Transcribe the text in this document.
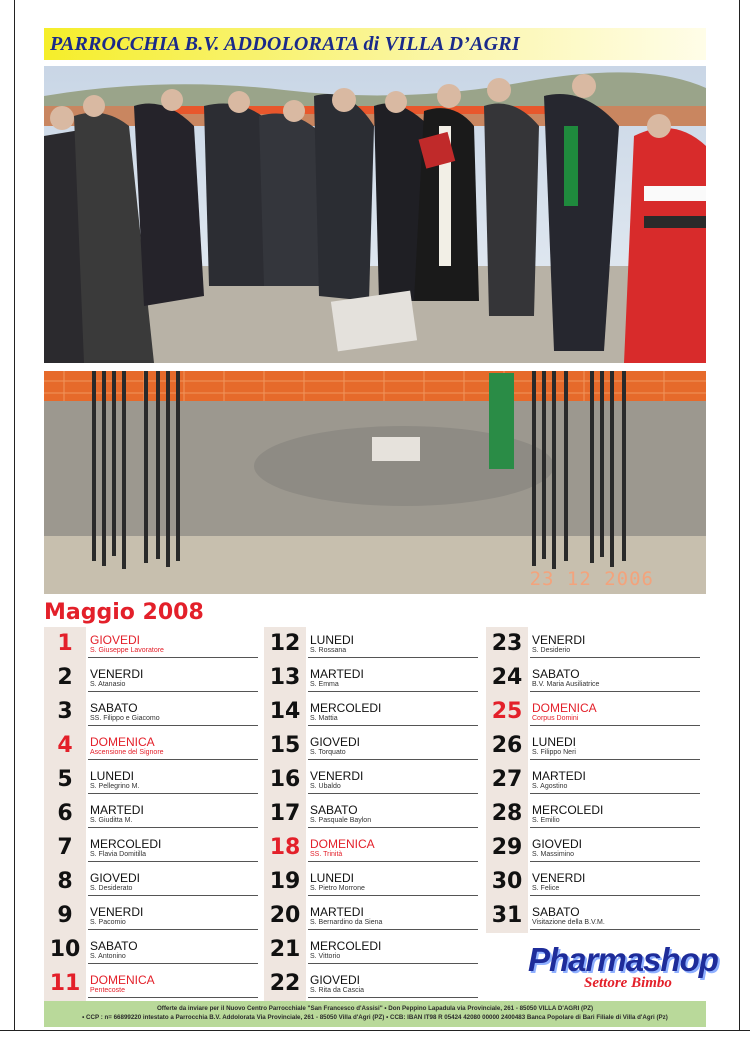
PARROCCHIA B.V. ADDOLORATA di VILLA D’AGRI
23 12 2006
Maggio 2008
1	GIOVEDI
S. Giuseppe Lavoratore
2	VENERDI
S. Atanasio
3	SABATO
SS. Filippo e Giacomo
4	DOMENICA
Ascensione del Signore
5	LUNEDI
S. Pellegrino M.
6	MARTEDI
S. Giuditta M.
7	MERCOLEDI
S. Flavia Domitilla
8	GIOVEDI
S. Desiderato
9	VENERDI
S. Pacomio
10 SABATO
S. Antonino
11 DOMENICA
Pentecoste
12 LUNEDI
S. Rossana
13 MARTEDI
S. Emma
14 MERCOLEDI
S. Mattia
15 GIOVEDI
S. Torquato
16 VENERDI
S. Ubaldo
17 SABATO
S. Pasquale Baylon
18 DOMENICA
SS. Trinità
19 LUNEDI
S. Pietro Morrone
20 MARTEDI
S. Bernardino da Siena
21 MERCOLEDI
S. Vittorio
22 GIOVEDI
S. Rita da Cascia
23 VENERDI
S. Desiderio
24 SABATO
B.V. Maria Ausiliatrice
25 DOMENICA
Corpus Domini
26 LUNEDI
S. Filippo Neri
27 MARTEDI
S. Agostino
28 MERCOLEDI
S. Emilio
29 GIOVEDI
S. Massimino
30 VENERDI
S. Felice
31 SABATO
Visitazione della B.V.M.
Pharmashop
Settore Bimbo
Offerte da inviare per il Nuovo Centro Parrocchiale "San Francesco d'Assisi" • Don Peppino Lapadula via Provinciale, 261 - 85050 VILLA D'AGRI (PZ)
• CCP : n= 66899220 intestato a Parrocchia B.V. Addolorata Via Provinciale, 261 - 85050 Villa d'Agri (PZ) • CCB: IBAN IT98 R 05424 42080 00000 2400483 Banca Popolare di Bari Filiale di Villa d'Agri (Pz)
